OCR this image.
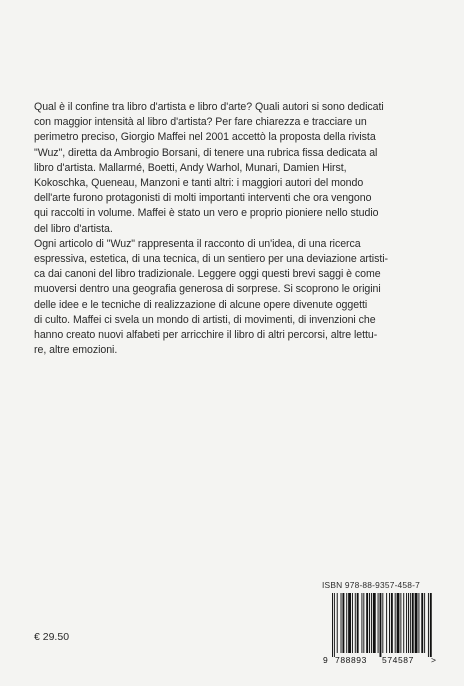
Qual è il confine tra libro d'artista e libro d'arte? Quali autori si sono dedicati
con maggior intensità al libro d'artista? Per fare chiarezza e tracciare un
perimetro preciso, Giorgio Maffei nel 2001 accettò la proposta della rivista
"Wuz", diretta da Ambrogio Borsani, di tenere una rubrica fissa dedicata al
libro d'artista. Mallarmé, Boetti, Andy Warhol, Munari, Damien Hirst,
Kokoschka, Queneau, Manzoni e tanti altri: i maggiori autori del mondo
dell'arte furono protagonisti di molti importanti interventi che ora vengono
qui raccolti in volume. Maffei è stato un vero e proprio pioniere nello studio
del libro d'artista.

Ogni articolo di "Wuz" rappresenta il racconto di un'idea, di una ricerca
espressiva, estetica, di una tecnica, di un sentiero per una deviazione artisti-
ca dai canoni del libro tradizionale. Leggere oggi questi brevi saggi è come
muoversi dentro una geografia generosa di sorprese. Si scoprono le origini
delle idee e le tecniche di realizzazione di alcune opere divenute oggetti
di culto. Maffei ci svela un mondo di artisti, di movimenti, di invenzioni che
hanno creato nuovi alfabeti per arricchire il libro di altri percorsi, altre lettu-
re, altre emozioni.

€ 29.50
ISBN 978-88-9357-458-7
9 788893 574587 >
